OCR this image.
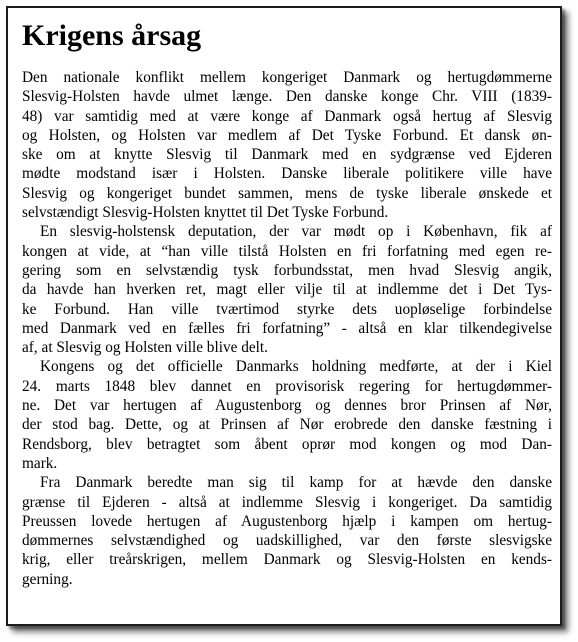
Krigens årsag
Den nationale konflikt mellem kongeriget Danmark og hertugdømmerne
Slesvig-Holsten havde ulmet længe. Den danske konge Chr. VIII (1839-
48) var samtidig med at være konge af Danmark også hertug af Slesvig
og Holsten, og Holsten var medlem af Det Tyske Forbund. Et dansk øn-
ske om at knytte Slesvig til Danmark med en sydgrænse ved Ejderen
mødte modstand især i Holsten. Danske liberale politikere ville have
Slesvig og kongeriget bundet sammen, mens de tyske liberale ønskede et
selvstændigt Slesvig-Holsten knyttet til Det Tyske Forbund.
En slesvig-holstensk deputation, der var mødt op i København, fik af
kongen at vide, at “han ville tilstå Holsten en fri forfatning med egen re-
gering som en selvstændig tysk forbundsstat, men hvad Slesvig angik,
da havde han hverken ret, magt eller vilje til at indlemme det i Det Tys-
ke Forbund. Han ville tværtimod styrke dets uopløselige forbindelse
med Danmark ved en fælles fri forfatning” - altså en klar tilkendegivelse
af, at Slesvig og Holsten ville blive delt.
Kongens og det officielle Danmarks holdning medførte, at der i Kiel
24. marts 1848 blev dannet en provisorisk regering for hertugdømmer-
ne. Det var hertugen af Augustenborg og dennes bror Prinsen af Nør,
der stod bag. Dette, og at Prinsen af Nør erobrede den danske fæstning i
Rendsborg, blev betragtet som åbent oprør mod kongen og mod Dan-
mark.
Fra Danmark beredte man sig til kamp for at hævde den danske
grænse til Ejderen - altså at indlemme Slesvig i kongeriget. Da samtidig
Preussen lovede hertugen af Augustenborg hjælp i kampen om hertug-
dømmernes selvstændighed og uadskillighed, var den første slesvigske
krig, eller treårskrigen, mellem Danmark og Slesvig-Holsten en kends-
gerning.
